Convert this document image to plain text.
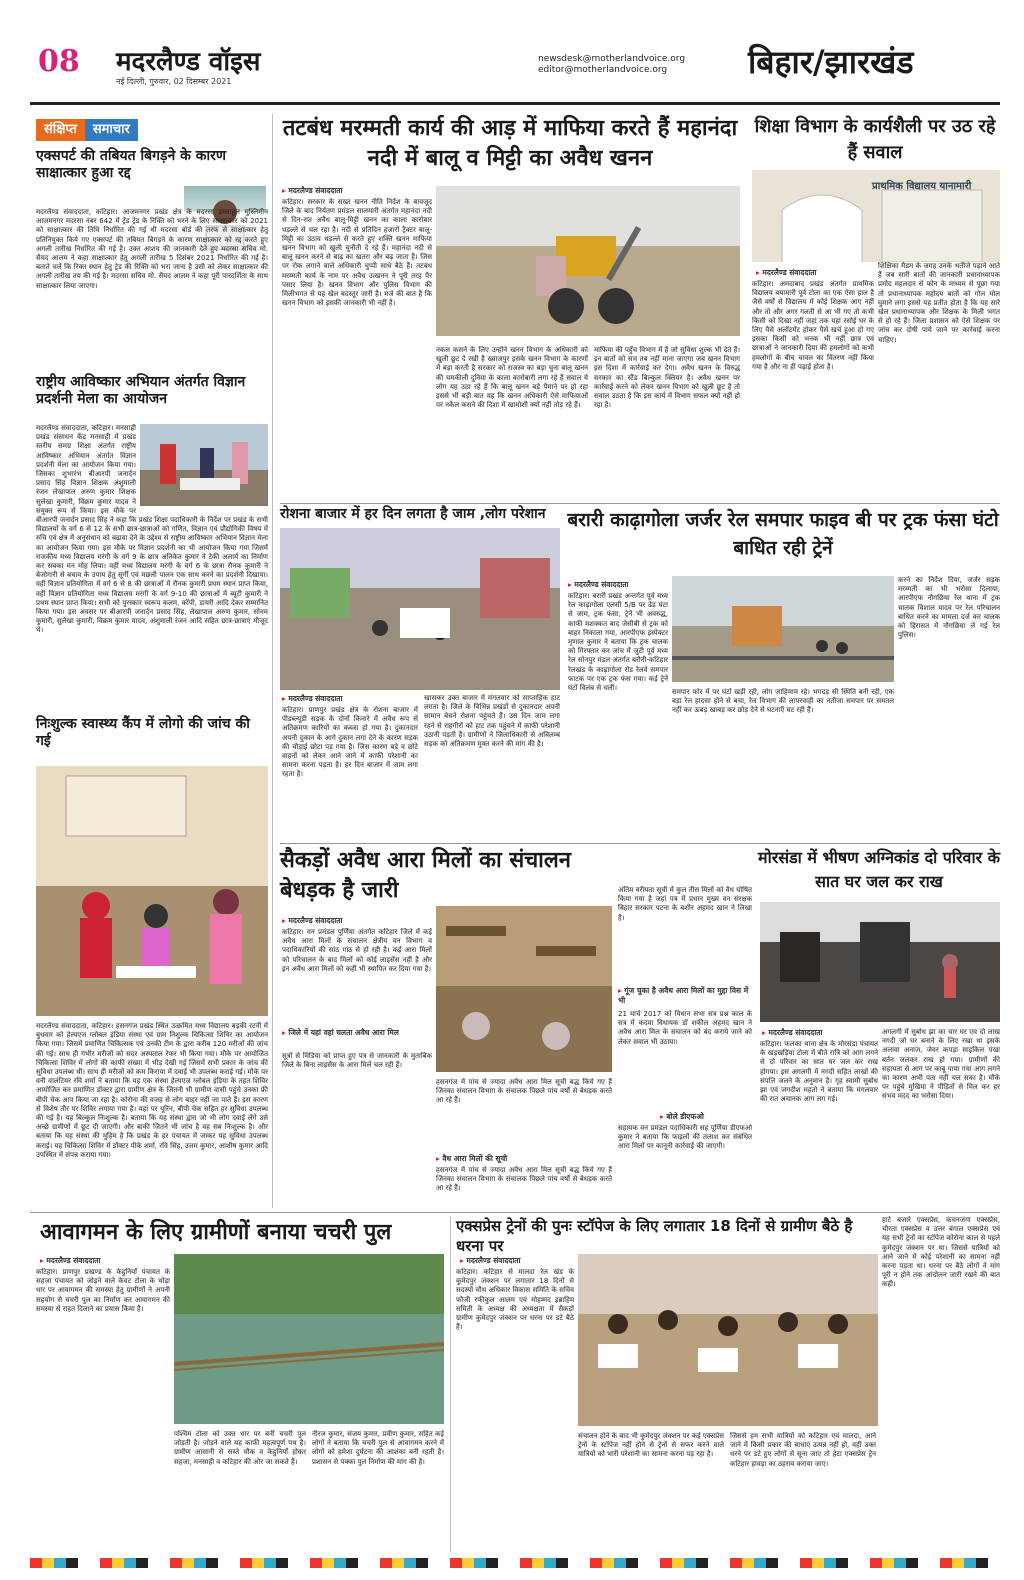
08 मदरलैण्ड वॉइस
नई दिल्ली, गुरुवार, 02 दिसम्बर 2021
newsdesk@motherlandvoice.org
editor@motherlandvoice.org	बिहार/झारखंड
संक्षिप्त समाचार
एक्सपर्ट की तबियत बिगड़ने के कारण साक्षात्कार हुआ रद्द
मदरलैण्ड संवाददाता, कटिहार। आजमनगर प्रखंड क्षेत्र के मदरसा इस्लाहुल मुस्लिमीन आजमनगर मदरसा नंबर 642 में ट्रेंड ट्रेड के रिक्ति को भरने के लिए साक्षात्कार को 2021 को साक्षात्कार की तिथि निर्धारित की गई थी मदरसा बोर्ड की तरफ से साक्षात्कार हेतु प्रतिनियुक्त किये गए एक्सपर्ट की तबियत बिगड़ने के कारण साक्षात्कार को रद्द करते हुए अगली तारीख निर्धारित की गई है। उक्त आशय की जानकारी देते हुए मदरसा सचिव मो. सैयद आलम ने कहा साक्षात्कार हेतु अगली तारीख 5 दिसंबर 2021 निर्धारित की गई है। बताते चलें कि रिक्त स्थान हेतु ट्रेड की रिक्ति को भरा जाना है उसी को लेकर साक्षात्कार की अगली तारीख तय की गई है। मदरसा सचिव मो. सैयद आलम ने कहा पूरी पारदर्शिता के साथ साक्षात्कार लिया जाएगा।
राष्ट्रीय आविष्कार अभियान अंतर्गत विज्ञान प्रदर्शनी मेला का आयोजन
मदरलैण्ड संवाददाता, कटिहार। मनसाही प्रखंड संसाधन केंद्र मनसाही में प्रखंड स्तरीय समग्र शिक्षा अंतर्गत राष्ट्रीय आविष्कार अभियान अंतर्गत विज्ञान प्रदर्शनी मेला का आयोजन किया गया। जिसका शुभारंभ बीआरपी जनार्दन प्रसाद सिंह विज्ञान शिक्षक अंशुमाली रंजन लेखापाल अरुण कुमार शिक्षक सुलेखा कुमारी, विक्रम कुमार यादव ने संयुक्त रूप से किया। इस मौके पर बीआरपी जनार्दन प्रसाद सिंह ने कहा कि प्रखंड शिक्षा पदाधिकारी के निर्देश पर प्रखंड के सभी विद्यालयों के वर्ग 6 से 12 के सभी छात्र-छात्राओं को गणित, विज्ञान एवं प्रौद्योगिकी विषय में रुचि एवं क्षेत्र में अनुसंधान को बढ़ावा देने के उद्देश्य से राष्ट्रीय आविष्कार अभियान विज्ञान मेला का आयोजन किया गया। इस मौके पर विज्ञान प्रदर्शनी का भी आयोजन किया गया जिसमें राजकीय मध्य विद्यालय मरंगी के वर्ग 9 के छात्र अनिकेत कुमार ने टेकी अलार्म का निर्माण कर सबका मन मोह लिया। वहीं मध्य विद्यालय मरंगी के वर्ग 6 के छात्रा रौनक कुमारी ने बेजोगारी से बचाव के उपाय हेतु सूर्गी एवं मछली पालन एक साथ करने का प्रदर्शनी दिखाया। वहीं विज्ञान प्रतियोगिता में वर्ग 6 से 8 की छात्राओं में रौनक कुमारी प्रथम स्थान प्राप्त किया, वहीं विज्ञान प्रतियोगिता मध्य विद्यालय मरंगी के वर्ग 9-10 की छात्राओं में ब्यूटी कुमारी ने प्रथम स्थान प्राप्त किया। सभी को पुरस्कार स्वरूप कलम, कॉपी, डायरी आदि देकर सम्मानित किया गया। इस अवसर पर बीआरपी जनार्दन प्रसाद सिंह, लेखापाल अरुण कुमार, सोनम कुमारी, सुलेखा कुमारी, विक्रम कुमार यादव, अंशुमाली रंजन आदि सहित छात्र-छात्राएं मौजूद थे।
निःशुल्क स्वास्थ्य कैंप में लोगो की जांच की गई
मदरलैण्ड संवाददाता, कटिहार। हसनगंज प्रखंड स्थित उत्क्रमित मध्य विद्यालय बड़की रटनी में बुधवार को हेल्पएज ग्लोबल इंडिया संस्था एवं ग्राम निशुल्क चिकित्सा शिविर का आयोजन किया गया। जिसमें प्रमाणित चिकित्सक एवं उनकी टीम के द्वारा करीब 120 मरीजों की जांच की गई। साथ ही गंभीर मरीजों को सदर अस्पताल रेफर भी किया गया। मौके पर आयोजित चिकित्सा शिविर में लोगों की काफी संख्या में भीड़ देखी गई जिसमें सभी प्रकार के जांच की सुविधा उपलब्ध थी। साथ ही मरीजों को कम किराया में दवाई भी उपलब्ध कराई गई। मौके पर वनी वालंटियर रवि शर्मा ने बताया कि यह एक संस्था हेल्पएज ग्लोबल इंडिया के तहत शिविर आयोजित कर प्रमाणित डॉक्टर द्वारा ग्रामीण क्षेत्र के जितनी भी ग्रामीण वासी पहुंचे उनका फ्री बीपी चेक आप किया जा रहा है। कोरोना की वजह से लोग बाहर नहीं जा पाते हैं। इस कारण से विशेष तौर पर शिविर लगाया गया है। यहां पर यूरिन, बीपी चेक सहित हर सुविधा उपलब्ध की गई है। यह बिल्कुल निःशुल्क है। बताया कि यह संस्था द्वारा जो भी लोग दवाई लेंगे उसे अच्छे ग्रामीणों में छूट दी जाएगी। और बाकी जितने भी जांच है वह सब निःशुल्क है। और बताया कि यह संस्था की मुहिम है कि प्रखंड के हर पंचायत में जाकर यह सुविधा उपलब्ध कराई। यह चिकित्सा शिविर में डॉक्टर पीके शर्मा, रवि सिंह, उत्तम कुमार, आशीष कुमार आदि उपस्थित में संपन्न कराया गया।
तटबंध मरम्मती कार्य की आड़ में माफिया करते हैं महानंदा नदी में बालू व मिट्टी का अवैध खनन
▸ मदरलैण्ड संवाददाता
कटिहार। सरकार के सख्त खनन नीति निर्देश के बावजूद जिले के बाद निर्यतण प्रमंडल सालमारी अंतर्गत महानंदा नदी से दिन-रात अवैध बालू-मिट्टी खनन का काला कारोबार धड़ल्ले से चल रहा है। नदी से प्रतिदिन हजारों ट्रैक्टर बालू-मिट्टी का उठाव धड़ल्ले से करते हुए शक्ति खनन माफिया खनन विभाग को खुली चुनौती दे रहे हैं। महानंदा नदी से बालू खनन करने से बाढ़ का खतरा और बढ़ जाता है। जिस पर रोक लगाने वाले अधिकारी चुप्पी साधे बैठे हैं। तटबंध मरम्मती कार्य के नाम पर अवैध उत्खनन ने पूरी तरह पैर पसार लिया है। खनन विभाग और पुलिस विभाग की मिलीभगत से यह खेल बदस्तूर जारी है। मजे की बात है कि खनन विभाग को इसकी जानकारी भी नहीं है।
नकल कसने के लिए उन्होंने खनन विभाग के अधिकारी को खुली छूट दे रखी है ख्वाजपुर इसके खनन विभाग के कारणों में बड़ा करती है सरकार को राजस्व का बड़ा चुना बालू खनन की चमकीली दुनिया के काला कारोबारी लगा रहे हैं सवाल ये लोग यह उठा रहे हैं कि बालू खनन बड़े पैमाने पर हो रहा इससे भी बड़ी बात यह कि खनन अधिकारी ऐसे माफियाओं पर नकेल कसने की दिशा में खामोशी क्यों नहीं तोड़ रहे हैं।
माफिया की पहुँच विभाग में है जो सुविधा शुल्क भी देते हैं। इन बातों को सच तब नहीं माना जाएगा जब खनन विभाग इस दिशा में कार्रवाई कर देगा। अवैध खनन के विरुद्ध सरकार का स्टैंड बिल्कुल क्लियर है। अवैध खनन पर कार्रवाई करने को लेकर खनन विभाग को खुली छूट है तो सवाल उठता है कि इस कार्य में विभाग सफल क्यों नहीं हो रहा है।
शिक्षा विभाग के कार्यशैली पर उठ रहे हैं सवाल
प्राथमिक विद्यालय यानामारी
▸ मदरलैण्ड संवाददाता
कटिहार। अमदाबाद प्रखंड अंतर्गत प्राथमिक विद्यालय बयामारी पूर्व टोला का एक ऐसा हाल है जैसे वर्षों से विद्यालय में कोई शिक्षक आए नहीं और तो और अगर गलती से आ भी गए तो कभी किसी को दिखा नहीं जहां तक यहां रसोई घर के लिए पैसे अलॉटमेंट होकर पैसे खर्च हुआ हो गए इसका किसी को भनक भी नहीं छात्र एवं छात्राओं ने जानकारी दिया की हमलोगों को कभी हमलोगों के बीच चावल का वितरण नहीं किया गया है और ना ही पढ़ाई होता है।
शिक्षिका मैडम के जगह उनके भतीजे पढ़ाने आते हैं जब सारी बातों की जानकारी प्रधानाध्यापक प्रमोद महलदार से फोन के माध्यम से पूछा गया तो प्रधानाध्यापक महोदय बातों को गोल मोल घुमाने लगा इससे यह प्रतीत होता है कि यह सारे खेल प्रधानाध्यापक और शिक्षक के मिली भगत से हो रहे हैं। जिला प्रशासन को ऐसे शिक्षक पर जांच कर दोषी पाये जाने पर कार्रवाई करना चाहिए।
रोशना बाजार में हर दिन लगता है जाम ,लोग परेशान
▸ मदरलैण्ड संवाददाता
कटिहार। प्राणपुर प्रखंड क्षेत्र के रोशना बाजार में पीडब्ल्यूडी सड़क के दोनों किनारे में अवैध रूप से अतिक्रमण कारियों का कब्जा हो गया है। दुकानदार अपनी दुकान के आगे दुकान लगा देने के कारण सड़क की चौड़ाई छोटा पड़ गया है। जिस कारण बड़े व छोटे वाहनों को लेकर आने जाने में काफी परेशानी का सामना करना पड़ता है। हर दिन बाजार में जाम लगा रहता है।
खासकर उक्त बाजार में मंगलवार को साप्ताहिक हाट लगता है। जिले के विभिन्न प्रखंडों से दुकानदार अपनी सामान बेचने रोशना पहुंचते हैं। उस दिन जाम लगा रहने से राहगीरों को हाट तक पहुंचने में काफी परेशानी उठानी पड़ती है। ग्रामीणों ने जिलाधिकारी से अविलम्ब सड़क को अतिक्रमण मुक्त करने की मांग की है।
बरारी काढ़ागोला जर्जर रेल समपार फाइव बी पर ट्रक फंसा घंटो बाधित रही ट्रेनें
▸ मदरलैण्ड संवाददाता
कटिहार। बरारी प्रखंड अन्तर्गत पूर्व मध्य रेल काढ़ागोला एलसी 5/B पर ढेड़ घंटा से जाम, ट्रक फंसा, ट्रेनें भी अवरुद्ध, काफी मशक्कत बाद जेसीबी से ट्रक को बाहर निकाला गया, आरपीएफ इंस्पेक्टर मृणाल कुमार ने बताया कि ट्रक चालक को गिरफ्तार कर जांच में जुटी पूर्व मध्य रेल सोनपुर मंडल अंतर्गत बरौनी-कटिहार रेलखंड के काढ़ागोला रोड रेलवे समपार फाटक पर एक ट्रक फंस गया। कई ट्रेनें घंटों विलंब से चलीं।	समपार फोर में पर घंटों खड़ी रही, लोग जाहिमाम रहे। भगदड़ सी स्थिति बनी रही, एक बड़ा रेल हादसा होने से बचा, रेल विभाग की लापरवाही का नतीजा समपार पर समतल नहीं कर ऊबड़ खाबड़ कर छोड़ देने से घटनाएँ घट रही हैं।
करने का निर्देश दिया, जर्जर सड़क मरम्मती का भी भरोसा दिलाया, आरपीएफ नौगछिया रेल थाना में ट्रक चालक विशाल यादव पर रेल परिचालन बाधित करने का मामला दर्ज कर चालक को हिरासत में नौगछिया ले गई रेल पुलिस।
सैकड़ों अवैध आरा मिलों का संचालन बेधड़क है जारी
▸ मदरलैण्ड संवाददाता
कटिहार। वन प्रमंडल पूर्णिया अंतर्गत कटिहार जिले में कई अवैध आरा मिलों के संचालन क्षेत्रीय वन विभाग व पदाधिकारियों की सांठ गांठ से हो रही है। कई आरा मिलों को परिचालन के बाद मिलों को कोई लाइसेंस नहीं है और इन अवैध आरा मिलों को कहीं भी स्थापित कर दिया गया है।
▸ जिले में यहां वहां चलता अवैध आरा मिल
सूत्रों से मिडिया को प्राप्त हुए पत्र से जानकारी के मुताबिक जिले के बिना लाइसेंस के आरा मिलें चल रही हैं।
हसनगंज में पांच से ज्यादा अवैध आरा मिल सूची बद्ध किये गए हैं जिनका संचालन विभाग के संचालक पिछले पांच वर्षों से बेधड़क करते आ रहे हैं।
▸ वैध आरा मिलों की सूची
हसनगंज में पांच से ज्यादा अवैध आरा मिल सूची बद्ध किये गए हैं जिनका संचालन विभाग के संचालक पिछले पांच वर्षों से बेधड़क करते आ रहे हैं।
अंतिम वरीयता सूची में कुल तीस मिलों को वैध घोषित किया गया है जहां पत्र में प्रधान मुख्य वन संरक्षक बिहार सरकार पटना के बशीर अहमद खान ने लिखा है।
▸ गूंज चुका है अवैध आरा मिलों का मुद्दा विस में भी
21 मार्च 2017 को विधान सभा सत्र प्रश्न काल के सत्र में कदवा विधायक डॉ शकील अहमद खान ने अवैध आरा मिल के संचालन को बंद कराये जाने को लेकर सवाल भी उठाया।
▸ बोले डीएफओ
सहायक वन प्रमंडल पदाधिकारी सह पूर्णिया डीएफओ कुमार ने बताया कि फाइलों की तलाश कर संबंधित आरा मिलों पर कानूनी कार्रवाई की जाएगी।
मोरसंडा में भीषण अग्निकांड दो परिवार के सात घर जल कर राख
▸ मदरलैण्ड संवाददाता
कटिहार। फलका थाना क्षेत्र के मोरसंडा पंचायत के खड़खड़िया टोला में बीते रात्रि को आग लगने से दो परिवार का सात घर जल कर राख होगया। इस अगलगी में नगदी सहित लाखों की संपत्ति जलने के अनुमान है। गृह स्वामी सुबोध झा एवं जगदीश महतो ने बताया कि मंगलवार की रात अचानक आग लग गई।
अगलगी में सुबोध झा का चार घर एव दो लाख नगदी जो घर बनाने के लिए रखा था इसके अलावा अनाज, जेवर कपड़ा साइकिल पंखा बर्तन जलकर राख हो गया। ग्रामीणों की सहायता से आग पर काबू पाया गया आग लगने का कारण अभी पता नहीं चल सका है। मौके पर पहुंचे मुखिया ने पीड़ितों से मिल कर हर संभव मदद का भरोसा दिया।
आवागमन के लिए ग्रामीणों बनाया चचरी पुल
▸ मदरलैण्ड संवाददाता
कटिहार। प्राणपुर प्रखण्ड के केहुनियाँ पंचायत के सहजा पंचायत को जोड़ने वाले केवट टोला के थोड़ा धार पर आवागमन की समस्या हेतु ग्रामीणों ने अपनी सहयोग से चचरी पुल का निर्माण कर आवागमन की समस्या से राहत दिलाने का प्रयास किया है।
पश्चिम टोला को उक्त धार पर बनी चचरी पुल जोड़ती है। जोड़ने वाले यह काफी महत्वपूर्ण पथ है। ग्रामीण आसानी से सस्ते चौक व केहुनियाँ होकर सहजा, मनसाही व कटिहार की ओर जा सकते हैं।
नीरज कुमार, संजय कुमार, प्रवीण कुमार, सहित कई लोगों ने बताया कि चचरी पुल से आवागमन करने में लोगों को हमेशा दुर्घटना की आशंका बनी रहती है। प्रशासन से पक्का पुल निर्माण की मांग की है।
एक्सप्रेस ट्रेनों की पुनः स्टॉपेज के लिए लगातार 18 दिनों से ग्रामीण बैठे है धरना पर
▸ मदरलैण्ड संवाददाता
कटिहार। कटिहार से मालदा रेल खंड के कुमेदपुर जंक्शन पर लगातार 18 दिनों से सदस्यों चौथ अधिकार विकास समिति के सचिव फौजी रफीकुल आलम एवं मोहम्मद इब्राहिम समिती के अध्यक्ष की अध्यक्षता में सैकड़ों ग्रामीण कुमेदपुर जंक्शन पर धरना पर डटे बैठे हैं।
संचालन होने के बाद भी कुमेदपुर जंक्शन पर कई एक्सप्रेस ट्रेनों के स्टॉपेज नहीं होने से ट्रेनों से सफर करने वाले यात्रियों को भारी परेशानी का सामना करना पड़ रहा है।
जिससे हम सभी यात्रियों को कटिहार एवं मालदा, आने जाने में किसी प्रकार की बाधाएं उत्पन्न नहीं हो, वहीं उक्त धरने पर डटे हुए लोगों से सूना जाए तो हेटा एक्सप्रेस ट्रेन कटिहार हावड़ा का ठहराव कराया जाए।
हाटे बजारे एक्सप्रेस, कंचनजंगा एक्सप्रेस, चौरता एक्सप्रेस व उत्तर बंगाल एक्सप्रेस एवं यह सभी ट्रेनों का स्टॉपेज कोरोना काल से पहले कुमेदपुर जंक्शन पर था। जिससे यात्रियों को आने जाने में कोई परेशानी का सामना नहीं करना पड़ता था। धरना पर बैठे लोगों ने मांग पूरी न होने तक आंदोलन जारी रखने की बात कही।
